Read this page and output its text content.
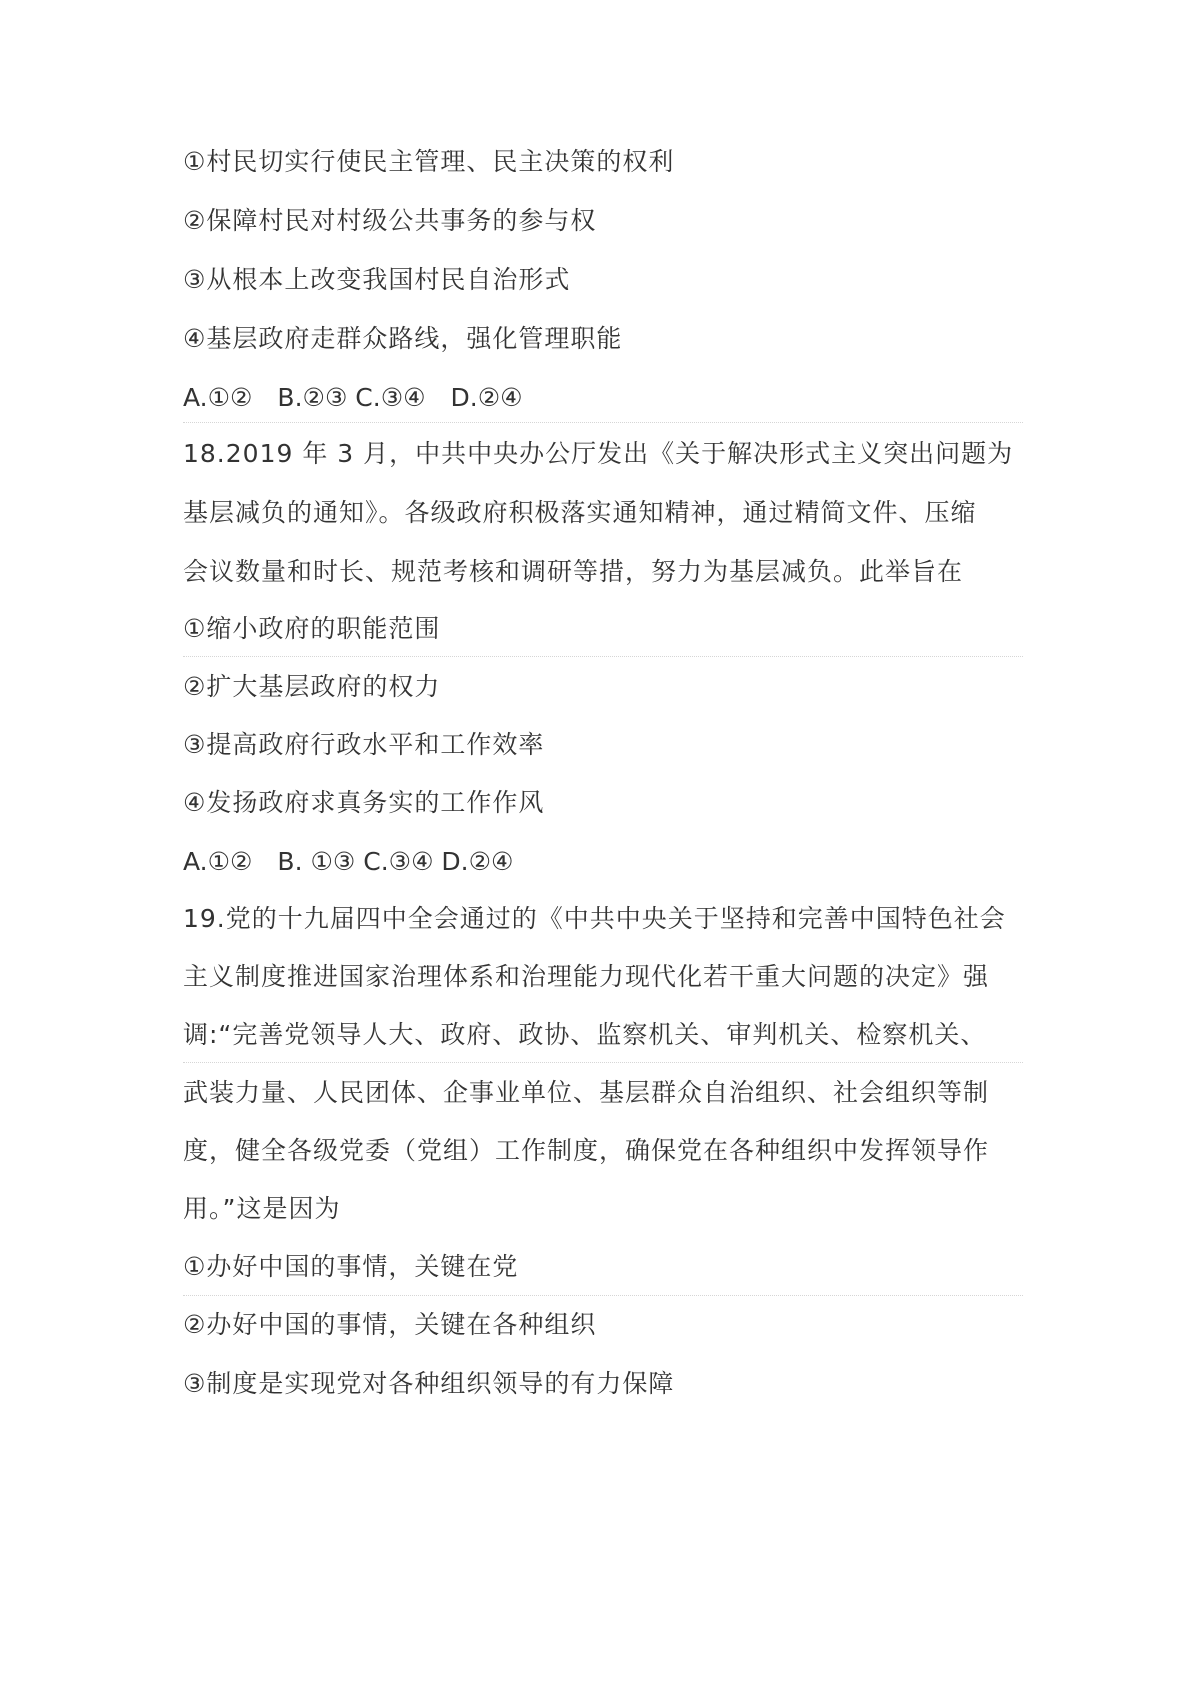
①村民切实行使民主管理、民主决策的权利
②保障村民对村级公共事务的参与权
③从根本上改变我国村民自治形式
④基层政府走群众路线，强化管理职能
A.①②　B.②③ C.③④　D.②④
18.2019 年 3 月，中共中央办公厅发出《关于解决形式主义突出问题为
基层减负的通知》。各级政府积极落实通知精神，通过精简文件、压缩
会议数量和时长、规范考核和调研等措，努力为基层减负。此举旨在
①缩小政府的职能范围
②扩大基层政府的权力
③提高政府行政水平和工作效率
④发扬政府求真务实的工作作风
A.①②　B. ①③ C.③④ D.②④
19.党的十九届四中全会通过的《中共中央关于坚持和完善中国特色社会
主义制度推进国家治理体系和治理能力现代化若干重大问题的决定》强
调:“完善党领导人大、政府、政协、监察机关、审判机关、检察机关、
武装力量、人民团体、企事业单位、基层群众自治组织、社会组织等制
度，健全各级党委（党组）工作制度，确保党在各种组织中发挥领导作
用。”这是因为
①办好中国的事情，关键在党
②办好中国的事情，关键在各种组织
③制度是实现党对各种组织领导的有力保障
